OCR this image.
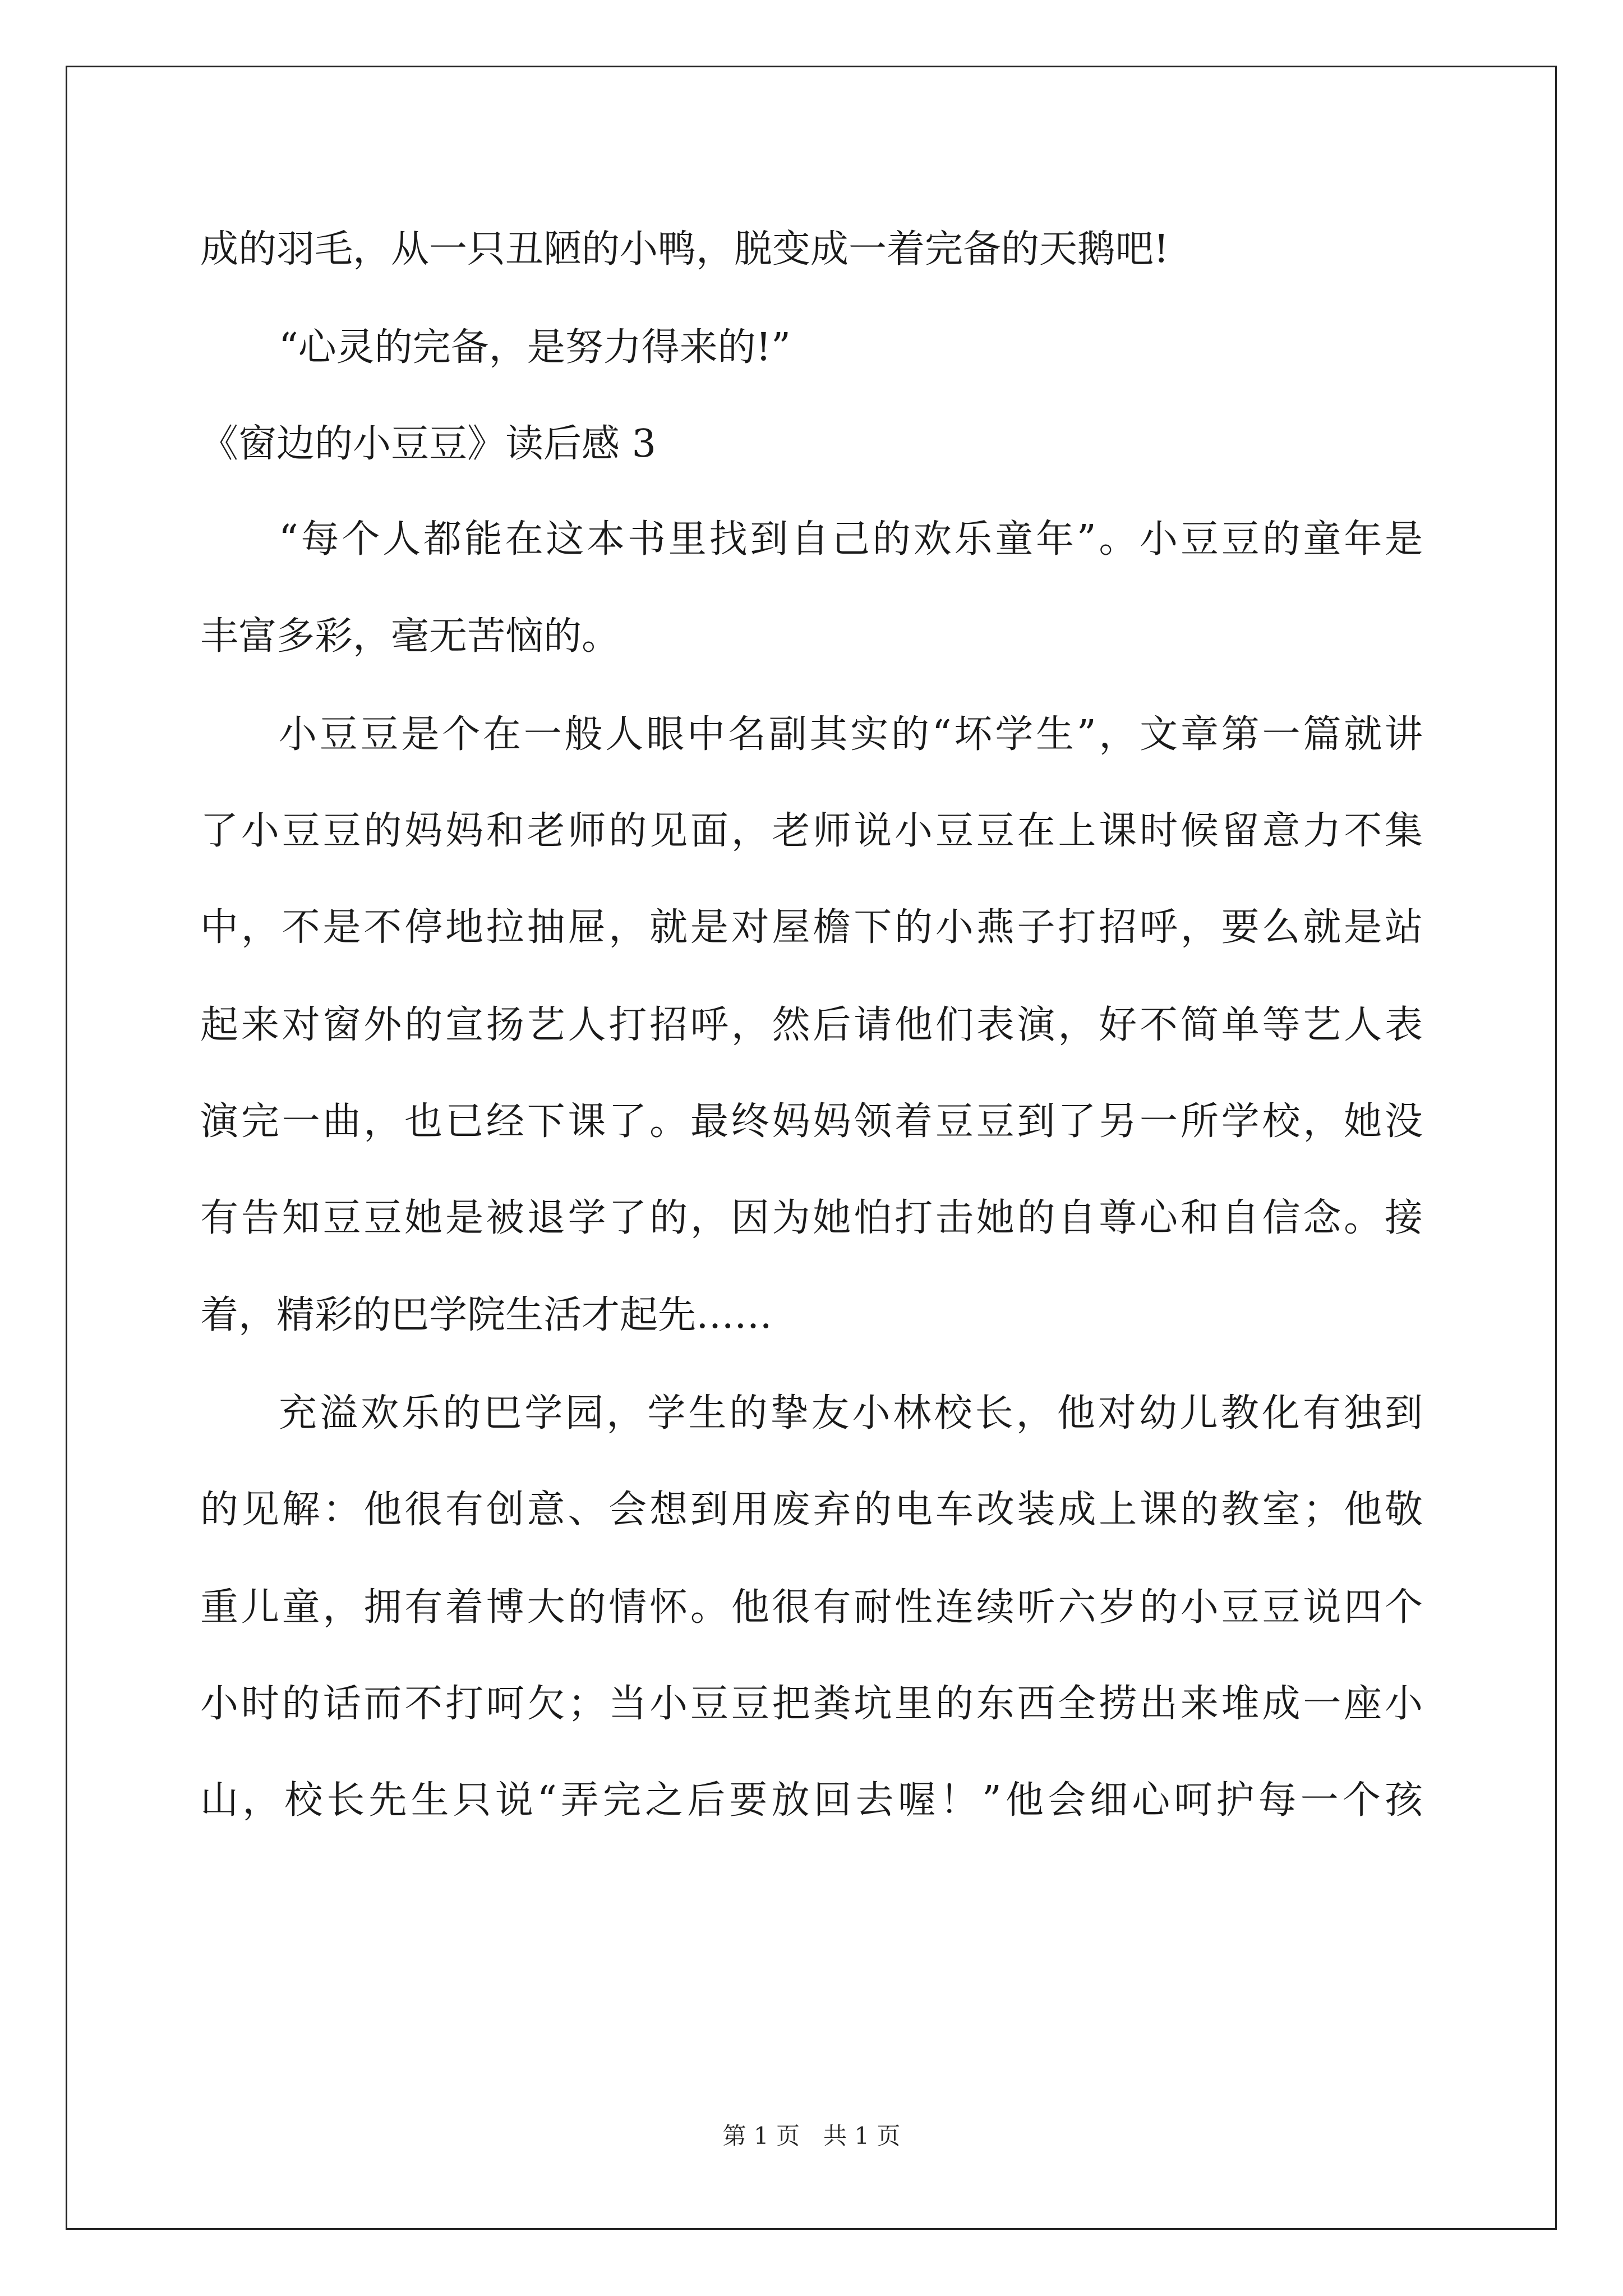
成的羽毛，从一只丑陋的小鸭，脱变成一着完备的天鹅吧!

“心灵的完备，是努力得来的!”

《窗边的小豆豆》读后感 3

“每个人都能在这本书里找到自己的欢乐童年”。小豆豆的童年是

丰富多彩，毫无苦恼的。

小豆豆是个在一般人眼中名副其实的“坏学生”，文章第一篇就讲

了小豆豆的妈妈和老师的见面，老师说小豆豆在上课时候留意力不集

中，不是不停地拉抽屉，就是对屋檐下的小燕子打招呼，要么就是站

起来对窗外的宣扬艺人打招呼，然后请他们表演，好不简单等艺人表

演完一曲，也已经下课了。最终妈妈领着豆豆到了另一所学校，她没

有告知豆豆她是被退学了的，因为她怕打击她的自尊心和自信念。接

着，精彩的巴学院生活才起先……

充溢欢乐的巴学园，学生的挚友小林校长，他对幼儿教化有独到

的见解：他很有创意、会想到用废弃的电车改装成上课的教室；他敬

重儿童，拥有着博大的情怀。他很有耐性连续听六岁的小豆豆说四个

小时的话而不打呵欠；当小豆豆把粪坑里的东西全捞出来堆成一座小

山，校长先生只说“弄完之后要放回去喔！”他会细心呵护每一个孩

第 1 页　共 1 页
